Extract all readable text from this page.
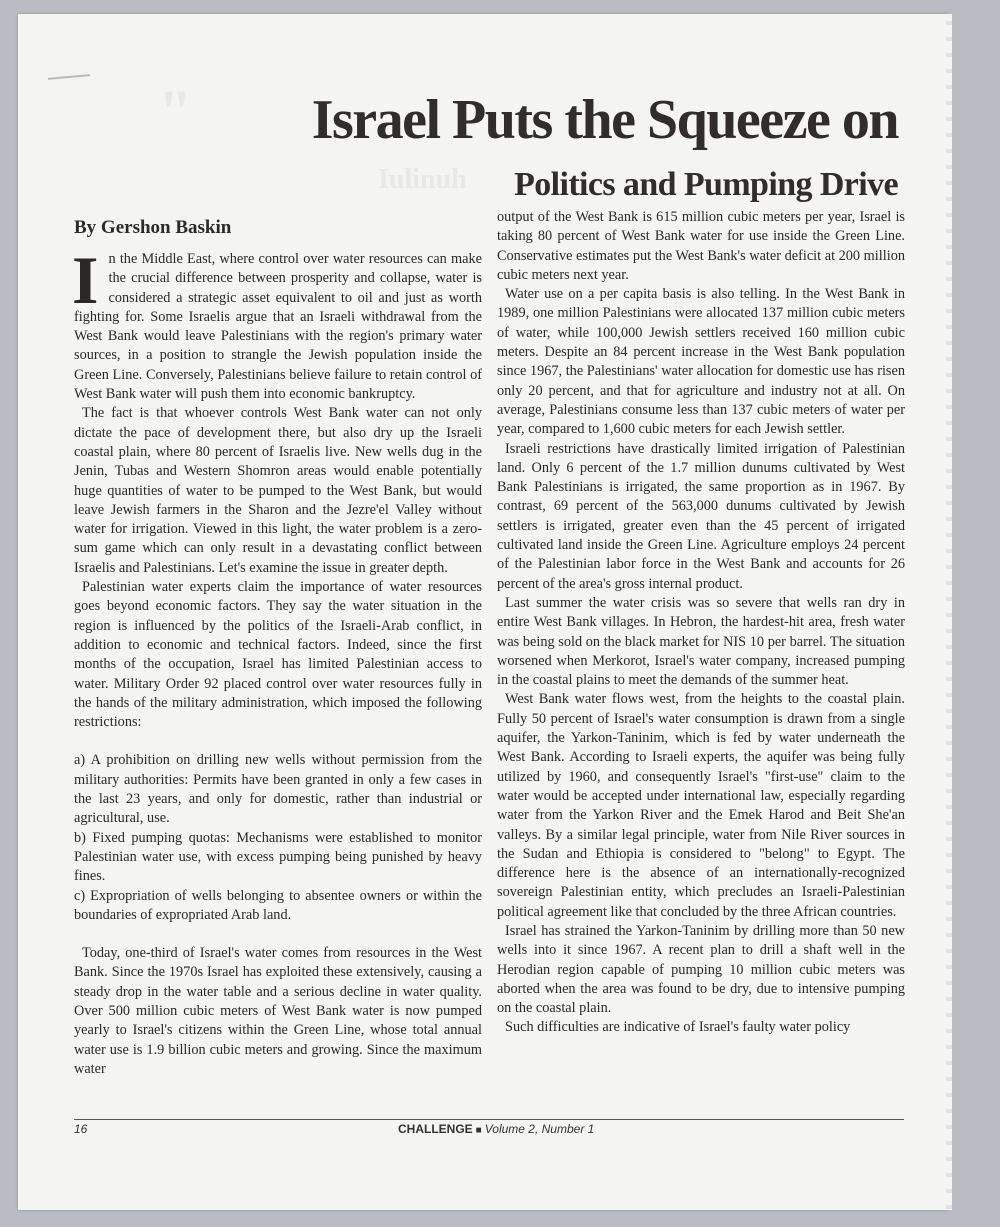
"
Iulinuh
Israel Puts the Squeeze on
Politics and Pumping Drive
By Gershon Baskin

In the Middle East, where control over water resources can make the crucial difference between prosperity and collapse, water is considered a strategic asset equivalent to oil and just as worth fighting for. Some Israelis argue that an Israeli withdrawal from the West Bank would leave Palestinians with the region's primary water sources, in a position to strangle the Jewish population inside the Green Line. Conversely, Palestinians believe failure to retain control of West Bank water will push them into economic bankruptcy.

The fact is that whoever controls West Bank water can not only dictate the pace of development there, but also dry up the Israeli coastal plain, where 80 percent of Israelis live. New wells dug in the Jenin, Tubas and Western Shomron areas would enable potentially huge quantities of water to be pumped to the West Bank, but would leave Jewish farmers in the Sharon and the Jezre'el Valley without water for irrigation. Viewed in this light, the water problem is a zero-sum game which can only result in a devastating conflict between Israelis and Palestinians. Let's examine the issue in greater depth.

Palestinian water experts claim the importance of water resources goes beyond economic factors. They say the water situation in the region is influenced by the politics of the Israeli-Arab conflict, in addition to economic and technical factors. Indeed, since the first months of the occupation, Israel has limited Palestinian access to water. Military Order 92 placed control over water resources fully in the hands of the military administration, which imposed the following restrictions:

a) A prohibition on drilling new wells without permission from the military authorities: Permits have been granted in only a few cases in the last 23 years, and only for domestic, rather than industrial or agricultural, use.

b) Fixed pumping quotas: Mechanisms were established to monitor Palestinian water use, with excess pumping being punished by heavy fines.

c) Expropriation of wells belonging to absentee owners or within the boundaries of expropriated Arab land.

Today, one-third of Israel's water comes from resources in the West Bank. Since the 1970s Israel has exploited these extensively, causing a steady drop in the water table and a serious decline in water quality. Over 500 million cubic meters of West Bank water is now pumped yearly to Israel's citizens within the Green Line, whose total annual water use is 1.9 billion cubic meters and growing. Since the maximum water

output of the West Bank is 615 million cubic meters per year, Israel is taking 80 percent of West Bank water for use inside the Green Line. Conservative estimates put the West Bank's water deficit at 200 million cubic meters next year.

Water use on a per capita basis is also telling. In the West Bank in 1989, one million Palestinians were allocated 137 million cubic meters of water, while 100,000 Jewish settlers received 160 million cubic meters. Despite an 84 percent increase in the West Bank population since 1967, the Palestinians' water allocation for domestic use has risen only 20 percent, and that for agriculture and industry not at all. On average, Palestinians consume less than 137 cubic meters of water per year, compared to 1,600 cubic meters for each Jewish settler.

Israeli restrictions have drastically limited irrigation of Palestinian land. Only 6 percent of the 1.7 million dunums cultivated by West Bank Palestinians is irrigated, the same proportion as in 1967. By contrast, 69 percent of the 563,000 dunums cultivated by Jewish settlers is irrigated, greater even than the 45 percent of irrigated cultivated land inside the Green Line. Agriculture employs 24 percent of the Palestinian labor force in the West Bank and accounts for 26 percent of the area's gross internal product.

Last summer the water crisis was so severe that wells ran dry in entire West Bank villages. In Hebron, the hardest-hit area, fresh water was being sold on the black market for NIS 10 per barrel. The situation worsened when Merkorot, Israel's water company, increased pumping in the coastal plains to meet the demands of the summer heat.

West Bank water flows west, from the heights to the coastal plain. Fully 50 percent of Israel's water consumption is drawn from a single aquifer, the Yarkon-Taninim, which is fed by water underneath the West Bank. According to Israeli experts, the aquifer was being fully utilized by 1960, and consequently Israel's "first-use" claim to the water would be accepted under international law, especially regarding water from the Yarkon River and the Emek Harod and Beit She'an valleys. By a similar legal principle, water from Nile River sources in the Sudan and Ethiopia is considered to "belong" to Egypt. The difference here is the absence of an internationally-recognized sovereign Palestinian entity, which precludes an Israeli-Palestinian political agreement like that concluded by the three African countries.

Israel has strained the Yarkon-Taninim by drilling more than 50 new wells into it since 1967. A recent plan to drill a shaft well in the Herodian region capable of pumping 10 million cubic meters was aborted when the area was found to be dry, due to intensive pumping on the coastal plain.

Such difficulties are indicative of Israel's faulty water policy

16	CHALLENGE ■ Volume 2, Number 1
